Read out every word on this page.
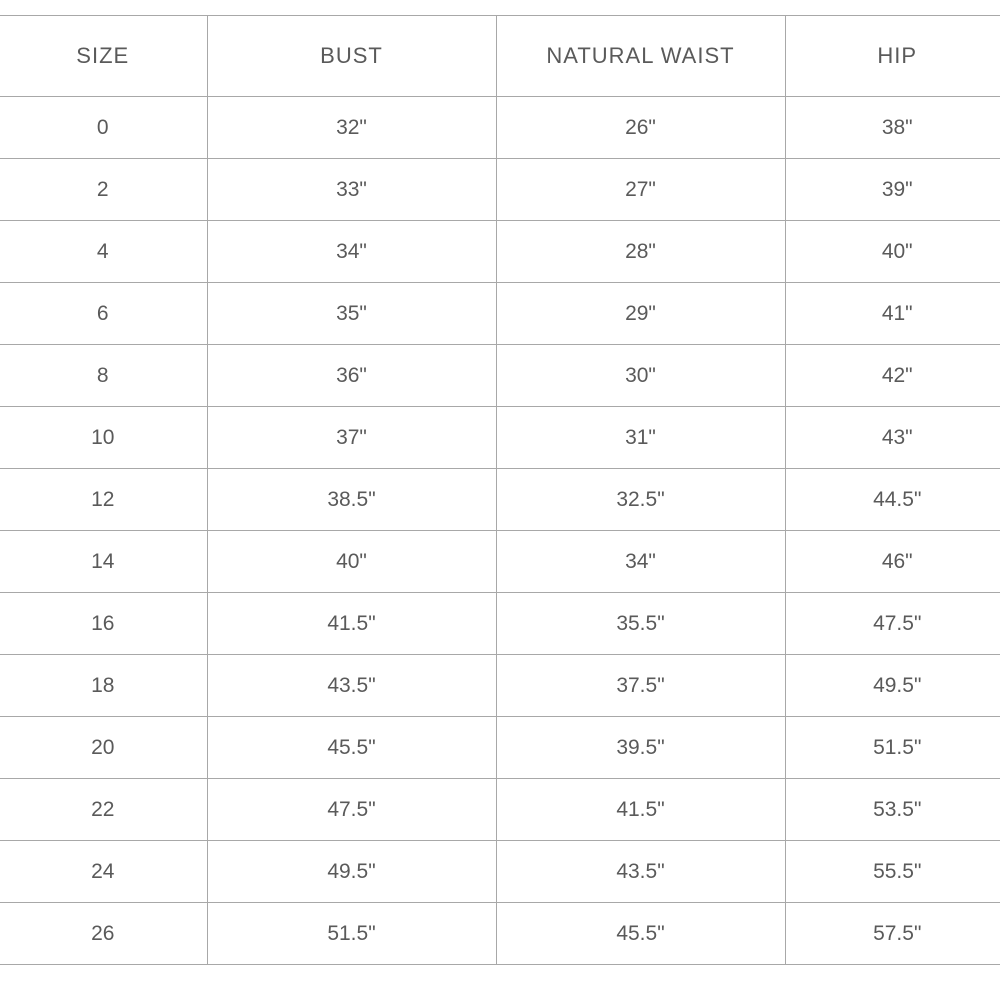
SIZE	BUST	NATURAL WAIST	HIP
0	32"	26"	38"
2	33"	27"	39"
4	34"	28"	40"
6	35"	29"	41"
8	36"	30"	42"
10	37"	31"	43"
12	38.5"	32.5"	44.5"
14	40"	34"	46"
16	41.5"	35.5"	47.5"
18	43.5"	37.5"	49.5"
20	45.5"	39.5"	51.5"
22	47.5"	41.5"	53.5"
24	49.5"	43.5"	55.5"
26	51.5"	45.5"	57.5"
